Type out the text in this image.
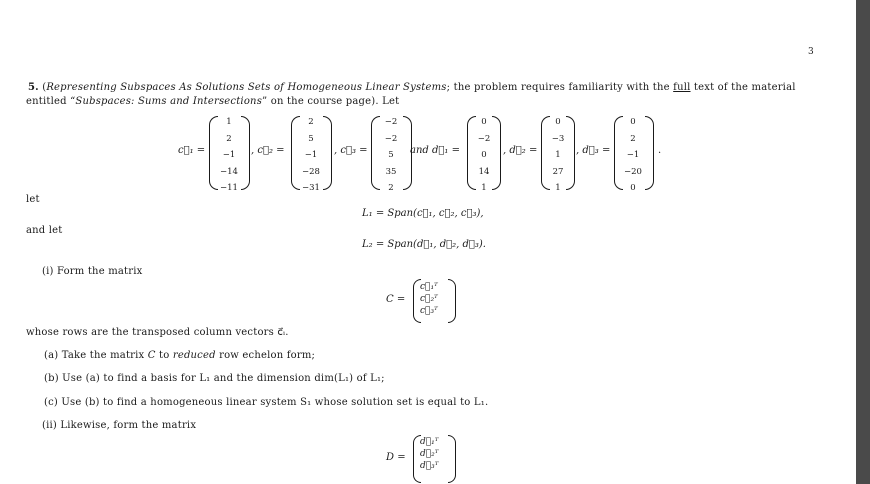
3
5. (Representing Subspaces As Solutions Sets of Homogeneous Linear Systems; the problem requires familiarity with the full text of the material
entitled “Subspaces: Sums and Intersections” on the course page). Let
c⃗₁ =
1
2
−1
−14
−11
, c⃗₂ =
2
5
−1
−28
−31
, c⃗₃ =
−2
−2
5
35
2
and d⃗₁ =
0
−2
0
14
1
, d⃗₂ =
0
−3
1
27
1
, d⃗₃ =
0
2
−1
−20
0
.
let
L₁ = Span(c⃗₁, c⃗₂, c⃗₃),
and let
L₂ = Span(d⃗₁, d⃗₂, d⃗₃).
(i) Form the matrix
C =
c⃗₁ᵀ
c⃗₂ᵀ
c⃗₃ᵀ
whose rows are the transposed column vectors c⃗ᵢ.
(a) Take the matrix C to reduced row echelon form;
(b) Use (a) to find a basis for L₁ and the dimension dim(L₁) of L₁;
(c) Use (b) to find a homogeneous linear system S₁ whose solution set is equal to L₁.
(ii) Likewise, form the matrix
D =
d⃗₁ᵀ
d⃗₂ᵀ
d⃗₃ᵀ
